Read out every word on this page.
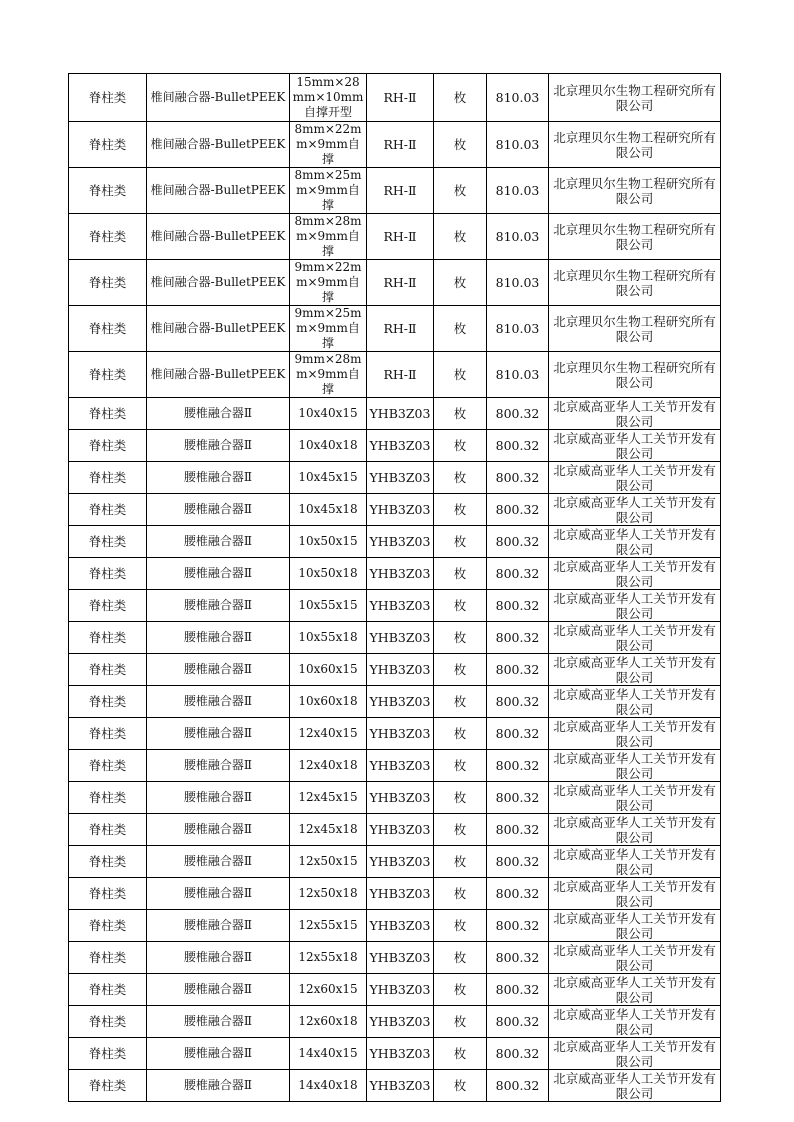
脊柱类	椎间融合器-BulletPEEK	15mm×28mm×10mm自撑开型	RH-Ⅱ	枚	810.03	北京理贝尔生物工程研究所有限公司
脊柱类	椎间融合器-BulletPEEK	8mm×22mm×9mm自撑	RH-Ⅱ	枚	810.03	北京理贝尔生物工程研究所有限公司
脊柱类	椎间融合器-BulletPEEK	8mm×25mm×9mm自撑	RH-Ⅱ	枚	810.03	北京理贝尔生物工程研究所有限公司
脊柱类	椎间融合器-BulletPEEK	8mm×28mm×9mm自撑	RH-Ⅱ	枚	810.03	北京理贝尔生物工程研究所有限公司
脊柱类	椎间融合器-BulletPEEK	9mm×22mm×9mm自撑	RH-Ⅱ	枚	810.03	北京理贝尔生物工程研究所有限公司
脊柱类	椎间融合器-BulletPEEK	9mm×25mm×9mm自撑	RH-Ⅱ	枚	810.03	北京理贝尔生物工程研究所有限公司
脊柱类	椎间融合器-BulletPEEK	9mm×28mm×9mm自撑	RH-Ⅱ	枚	810.03	北京理贝尔生物工程研究所有限公司
脊柱类	腰椎融合器Ⅱ	10x40x15	YHB3Z03	枚	800.32	北京威高亚华人工关节开发有限公司
脊柱类	腰椎融合器Ⅱ	10x40x18	YHB3Z03	枚	800.32	北京威高亚华人工关节开发有限公司
脊柱类	腰椎融合器Ⅱ	10x45x15	YHB3Z03	枚	800.32	北京威高亚华人工关节开发有限公司
脊柱类	腰椎融合器Ⅱ	10x45x18	YHB3Z03	枚	800.32	北京威高亚华人工关节开发有限公司
脊柱类	腰椎融合器Ⅱ	10x50x15	YHB3Z03	枚	800.32	北京威高亚华人工关节开发有限公司
脊柱类	腰椎融合器Ⅱ	10x50x18	YHB3Z03	枚	800.32	北京威高亚华人工关节开发有限公司
脊柱类	腰椎融合器Ⅱ	10x55x15	YHB3Z03	枚	800.32	北京威高亚华人工关节开发有限公司
脊柱类	腰椎融合器Ⅱ	10x55x18	YHB3Z03	枚	800.32	北京威高亚华人工关节开发有限公司
脊柱类	腰椎融合器Ⅱ	10x60x15	YHB3Z03	枚	800.32	北京威高亚华人工关节开发有限公司
脊柱类	腰椎融合器Ⅱ	10x60x18	YHB3Z03	枚	800.32	北京威高亚华人工关节开发有限公司
脊柱类	腰椎融合器Ⅱ	12x40x15	YHB3Z03	枚	800.32	北京威高亚华人工关节开发有限公司
脊柱类	腰椎融合器Ⅱ	12x40x18	YHB3Z03	枚	800.32	北京威高亚华人工关节开发有限公司
脊柱类	腰椎融合器Ⅱ	12x45x15	YHB3Z03	枚	800.32	北京威高亚华人工关节开发有限公司
脊柱类	腰椎融合器Ⅱ	12x45x18	YHB3Z03	枚	800.32	北京威高亚华人工关节开发有限公司
脊柱类	腰椎融合器Ⅱ	12x50x15	YHB3Z03	枚	800.32	北京威高亚华人工关节开发有限公司
脊柱类	腰椎融合器Ⅱ	12x50x18	YHB3Z03	枚	800.32	北京威高亚华人工关节开发有限公司
脊柱类	腰椎融合器Ⅱ	12x55x15	YHB3Z03	枚	800.32	北京威高亚华人工关节开发有限公司
脊柱类	腰椎融合器Ⅱ	12x55x18	YHB3Z03	枚	800.32	北京威高亚华人工关节开发有限公司
脊柱类	腰椎融合器Ⅱ	12x60x15	YHB3Z03	枚	800.32	北京威高亚华人工关节开发有限公司
脊柱类	腰椎融合器Ⅱ	12x60x18	YHB3Z03	枚	800.32	北京威高亚华人工关节开发有限公司
脊柱类	腰椎融合器Ⅱ	14x40x15	YHB3Z03	枚	800.32	北京威高亚华人工关节开发有限公司
脊柱类	腰椎融合器Ⅱ	14x40x18	YHB3Z03	枚	800.32	北京威高亚华人工关节开发有限公司
